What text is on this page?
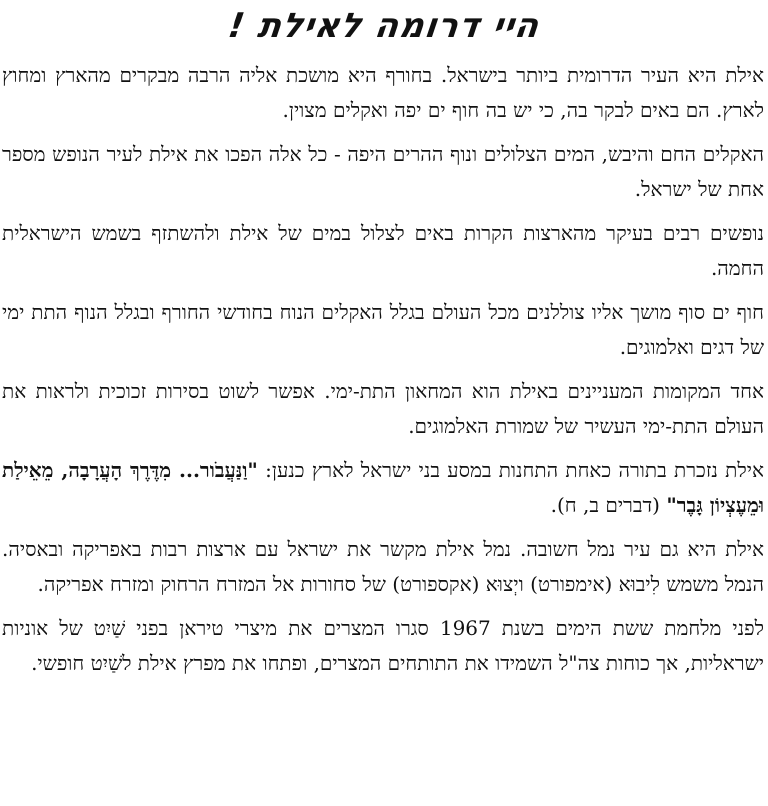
היי דרומה לאילת !

אילת היא העיר הדרומית ביותר בישראל. בחורף היא מושכת אליה הרבה מבקרים מהארץ ומחוץ לארץ. הם באים לבקר בה, כי יש בה חוף ים יפה ואקלים מצוין.

האקלים החם והיבש, המים הצלולים ונוף ההרים היפה - כל אלה הפכו את אילת לעיר הנופש מספר אחת של ישראל.

נופשים רבים בעיקר מהארצות הקרות באים לצלול במים של אילת ולהשתזף בשמש הישראלית החמה.

חוף ים סוף מושך אליו צוללנים מכל העולם בגלל האקלים הנוח בחודשי החורף ובגלל הנוף התת ימי של דגים ואלמוגים.

אחד המקומות המעניינים באילת הוא המחאון התת-ימי. אפשר לשוט בסירות זכוכית ולראות את העולם התת-ימי העשיר של שמורת האלמוגים.

אילת נזכרת בתורה כאחת התחנות במסע בני ישראל לארץ כנען: "וַנַּעֲבֹור... מִדֶּרֶךְ הָעֲרָבָה, מֵאֵילַת וּמֵעֶצְיוֹן גָּבֶר" (דברים ב, ח).

אילת היא גם עיר נמל חשובה. נמל אילת מקשר את ישראל עם ארצות רבות באפריקה ובאסיה. הנמל משמש לִיבוּא (אימפורט) ויְצוּא (אקספורט) של סחורות אל המזרח הרחוק ומזרח אפריקה.

לפני מלחמת ששת הימים בשנת 1967 סגרו המצרים את מיצרי טיראן בפני שַׁיִט של אוניות ישראליות, אך כוחות צה"ל השמידו את התותחים המצרים, ופתחו את מפרץ אילת לשַׁיִט חופשי.
